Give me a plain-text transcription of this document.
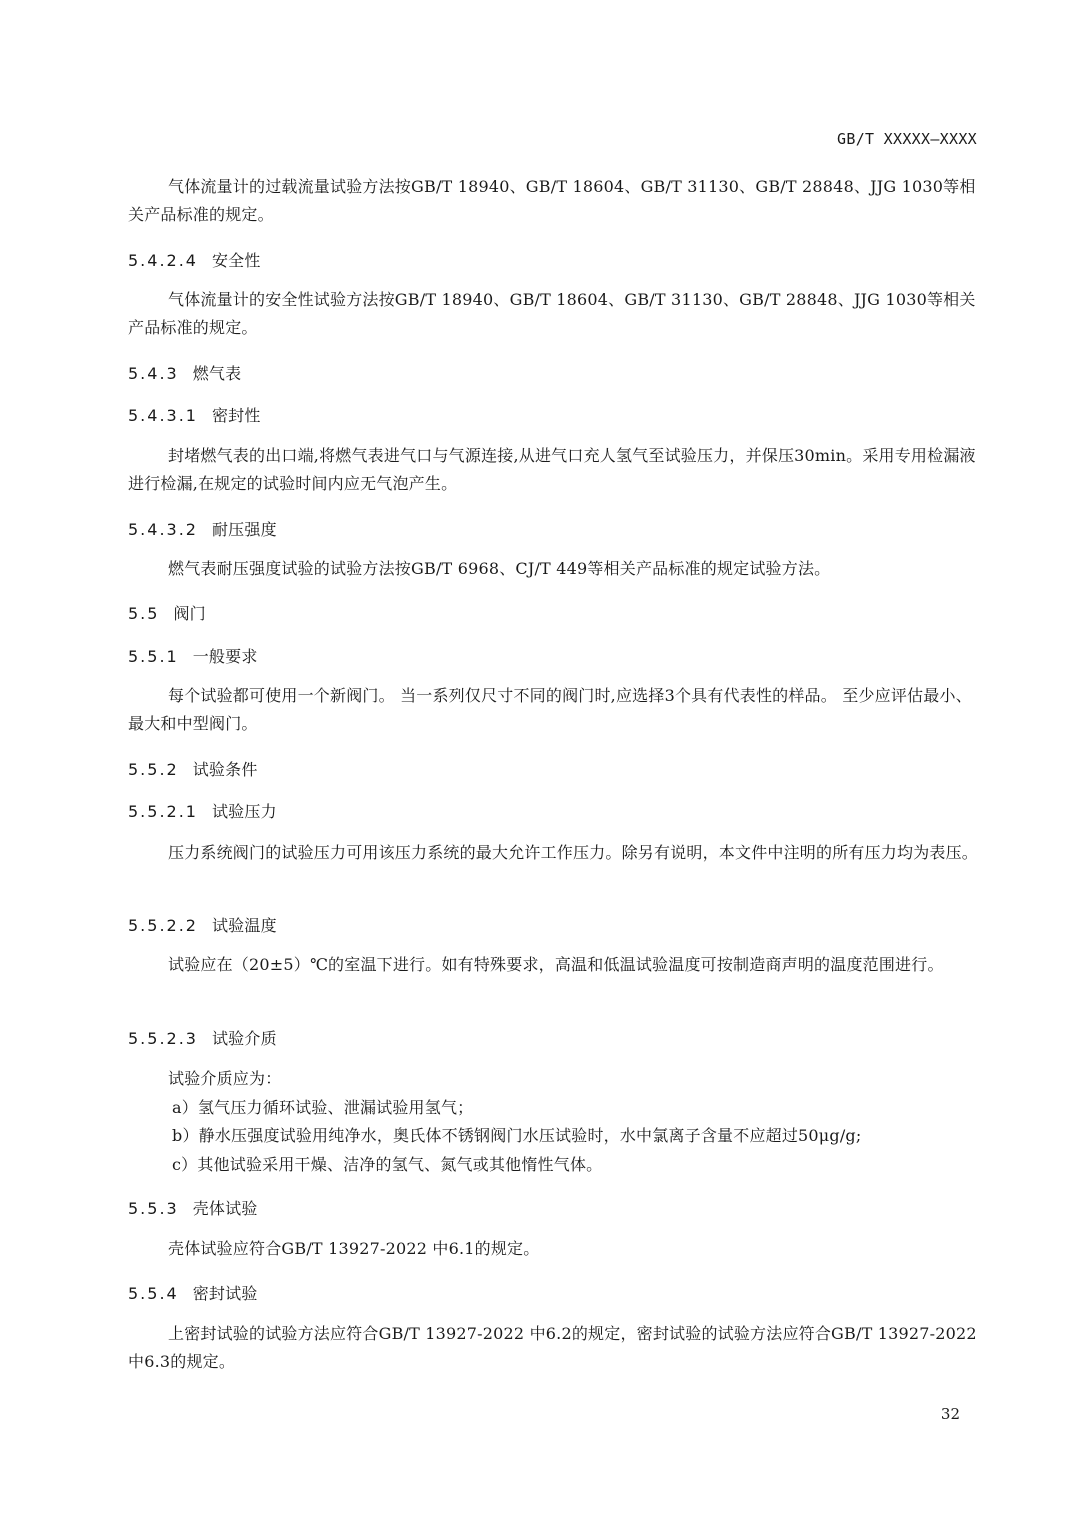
GB/T XXXXX—XXXX
气体流量计的过载流量试验方法按GB/T 18940、GB/T 18604、GB/T 31130、GB/T 28848、JJG 1030等相关产品标准的规定。
5.4.2.4 安全性
气体流量计的安全性试验方法按GB/T 18940、GB/T 18604、GB/T 31130、GB/T 28848、JJG 1030等相关产品标准的规定。
5.4.3 燃气表
5.4.3.1 密封性
封堵燃气表的出口端,将燃气表进气口与气源连接,从进气口充人氢气至试验压力，并保压30min。采用专用检漏液进行检漏,在规定的试验时间内应无气泡产生。
5.4.3.2 耐压强度
燃气表耐压强度试验的试验方法按GB/T 6968、CJ/T 449等相关产品标准的规定试验方法。
5.5 阀门
5.5.1 一般要求
每个试验都可使用一个新阀门。 当一系列仅尺寸不同的阀门时,应选择3个具有代表性的样品。 至少应评估最小、最大和中型阀门。
5.5.2 试验条件
5.5.2.1 试验压力
压力系统阀门的试验压力可用该压力系统的最大允许工作压力。除另有说明，本文件中注明的所有压力均为表压。
5.5.2.2 试验温度
试验应在（20±5）℃的室温下进行。如有特殊要求，高温和低温试验温度可按制造商声明的温度范围进行。
5.5.2.3 试验介质
试验介质应为：
a）氢气压力循环试验、泄漏试验用氢气；
b）静水压强度试验用纯净水，奥氏体不锈钢阀门水压试验时，水中氯离子含量不应超过50μg/g;
c）其他试验采用干燥、洁净的氢气、氮气或其他惰性气体。
5.5.3 壳体试验
壳体试验应符合GB/T 13927-2022 中6.1的规定。
5.5.4 密封试验
上密封试验的试验方法应符合GB/T 13927-2022 中6.2的规定，密封试验的试验方法应符合GB/T 13927-2022 中6.3的规定。
32
